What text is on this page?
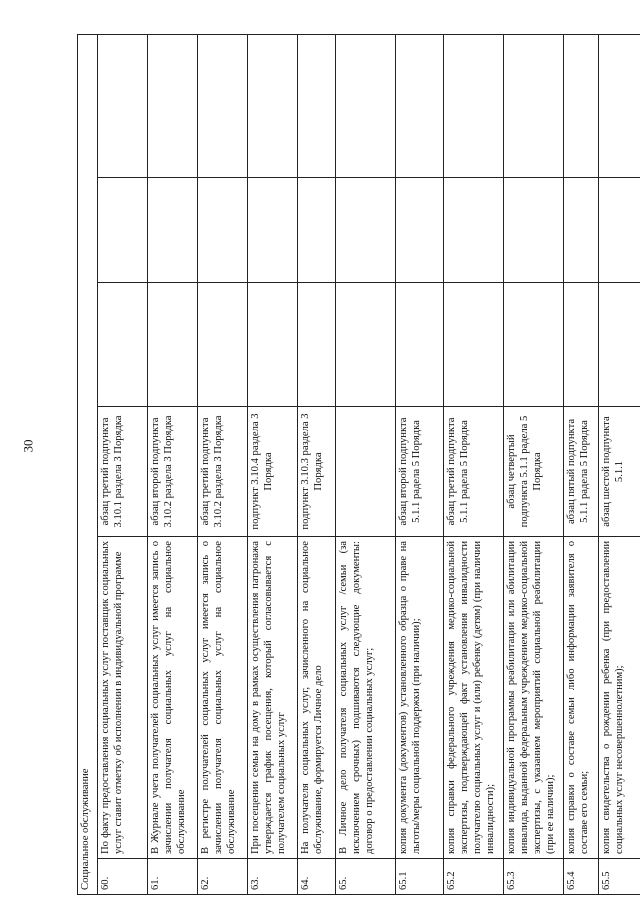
30
Социальное обслуживание					
60.	По факту предоставления социальных услуг поставщик социальных услуг ставит отметку об исполнении в индивидуальной программе	абзац третий подпункта 3.10.1 раздела 3 Порядка			
61.	В Журнале учета получателей социальных услуг имеется запись о зачислении получателя социальных услуг на социальное обслуживание	абзац второй подпункта 3.10.2 раздела 3 Порядка			
62.	В регистре получателей социальных услуг имеется запись о зачислении получателя социальных услуг на социальное обслуживание	абзац третий подпункта 3.10.2 раздела 3 Порядка			
63.	При посещении семьи на дому в рамках осуществления патронажа утверждается график посещения, который согласовывается с получателем социальных услуг	подпункт 3.10.4 раздела 3 Порядка			
64.	На получателя социальных услуг, зачисленного на социальное обслуживание, формируется Личное дело	подпункт 3.10.3 раздела 3 Порядка			
65.	В Личное дело получателя социальных услуг /семьи (за исключением срочных) подшиваются следующие документы: договор о предоставлении социальных услуг;				
65.1	копия документа (документов) установленного образца о праве на льготы/меры социальной поддержки (при наличии);	абзац второй подпункта 5.1.1 радела 5 Порядка			
65.2	копия справки федерального учреждения медико-социальной экспертизы, подтверждающей факт установления инвалидности получателю социальных услуг и (или) ребенку (детям) (при наличии инвалидности);	абзац третий подпункта 5.1.1 радела 5 Порядка			
65.3	копия индивидуальной программы реабилитации или абилитации инвалида, выданной федеральным учреждением медико-социальной экспертизы, с указанием мероприятий социальной реабилитации (при ее наличии);	абзац четвертый подпункта 5.1.1 радела 5 Порядка			
65.4	копия справки о составе семьи либо информации заявителя о составе его семьи;	абзац пятый подпункта 5.1.1 радела 5 Порядка			
65.5	копия свидетельства о рождении ребенка (при предоставлении социальных услуг несовершеннолетним);	абзац шестой подпункта 5.1.1			
